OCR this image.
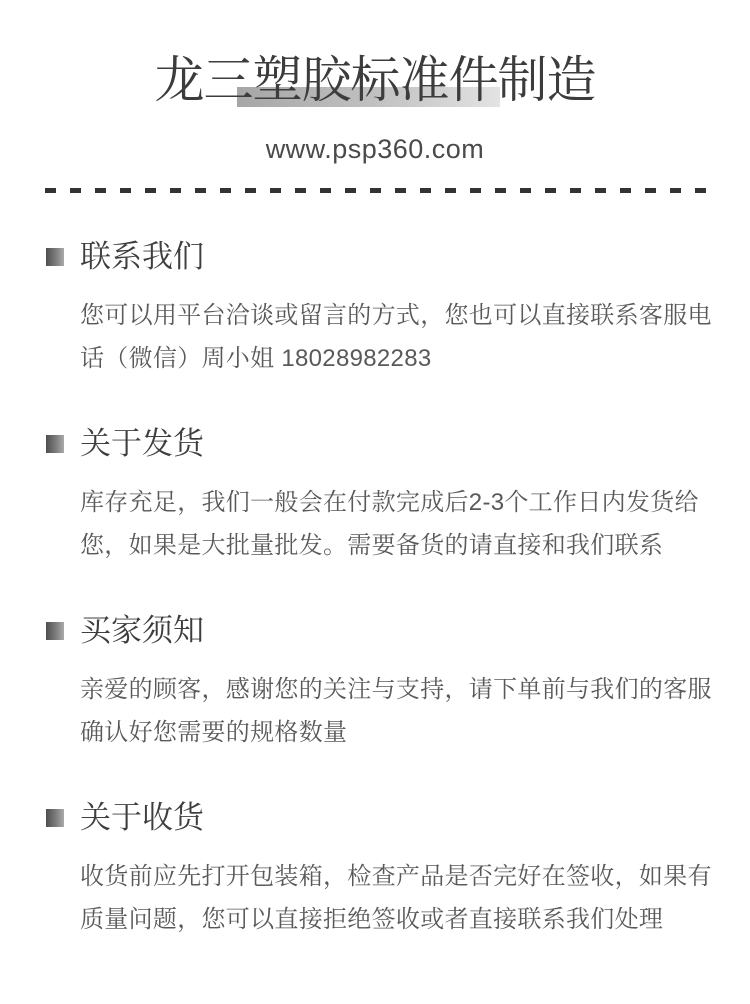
龙三塑胶标准件制造
www.psp360.com
联系我们
您可以用平台洽谈或留言的方式，您也可以直接联系客服电
话（微信）周小姐 18028982283
关于发货
库存充足，我们一般会在付款完成后2-3个工作日内发货给
您，如果是大批量批发。需要备货的请直接和我们联系
买家须知
亲爱的顾客，感谢您的关注与支持，请下单前与我们的客服
确认好您需要的规格数量
关于收货
收货前应先打开包装箱，检查产品是否完好在签收，如果有
质量问题，您可以直接拒绝签收或者直接联系我们处理
